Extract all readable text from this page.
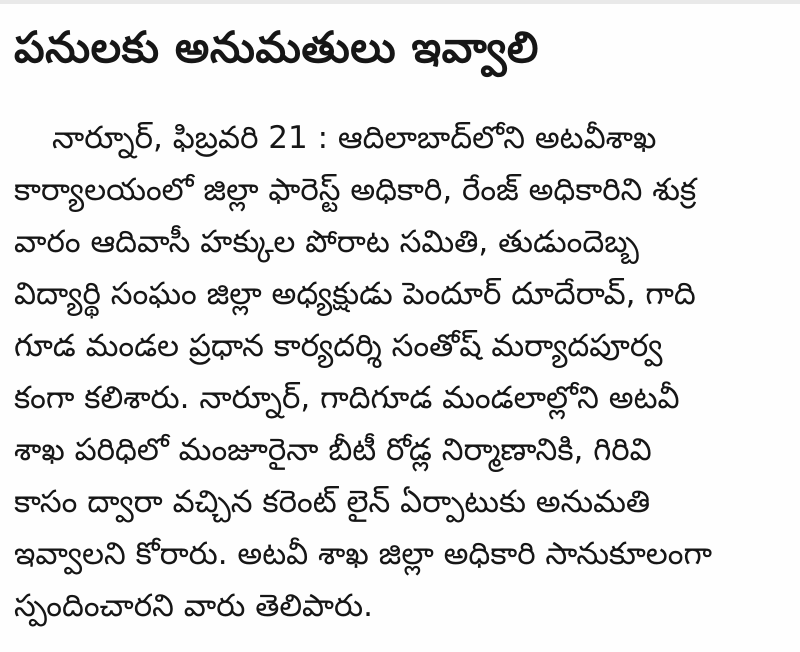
పనులకు అనుమతులు ఇవ్వాలి
నార్నూర్, ఫిబ్రవరి 21 : ఆదిలాబాద్‌లోని అటవీశాఖ
కార్యాలయంలో జిల్లా ఫారెస్ట్ అధికారి, రేంజ్ అధికారిని శుక్ర
వారం ఆదివాసీ హక్కుల పోరాట సమితి, తుడుందెబ్బ
విద్యార్థి సంఘం జిల్లా అధ్యక్షుడు పెందూర్ దూదేరావ్, గాది
గూడ మండల ప్రధాన కార్యదర్శి సంతోష్ మర్యాదపూర్వ
కంగా కలిశారు. నార్నూర్, గాదిగూడ మండలాల్లోని అటవీ
శాఖ పరిధిలో మంజూరైనా బీటీ రోడ్ల నిర్మాణానికి, గిరివి
కాసం ద్వారా వచ్చిన కరెంట్ లైన్ ఏర్పాటుకు అనుమతి
ఇవ్వాలని కోరారు. అటవీ శాఖ జిల్లా అధికారి సానుకూలంగా
స్పందించారని వారు తెలిపారు.
